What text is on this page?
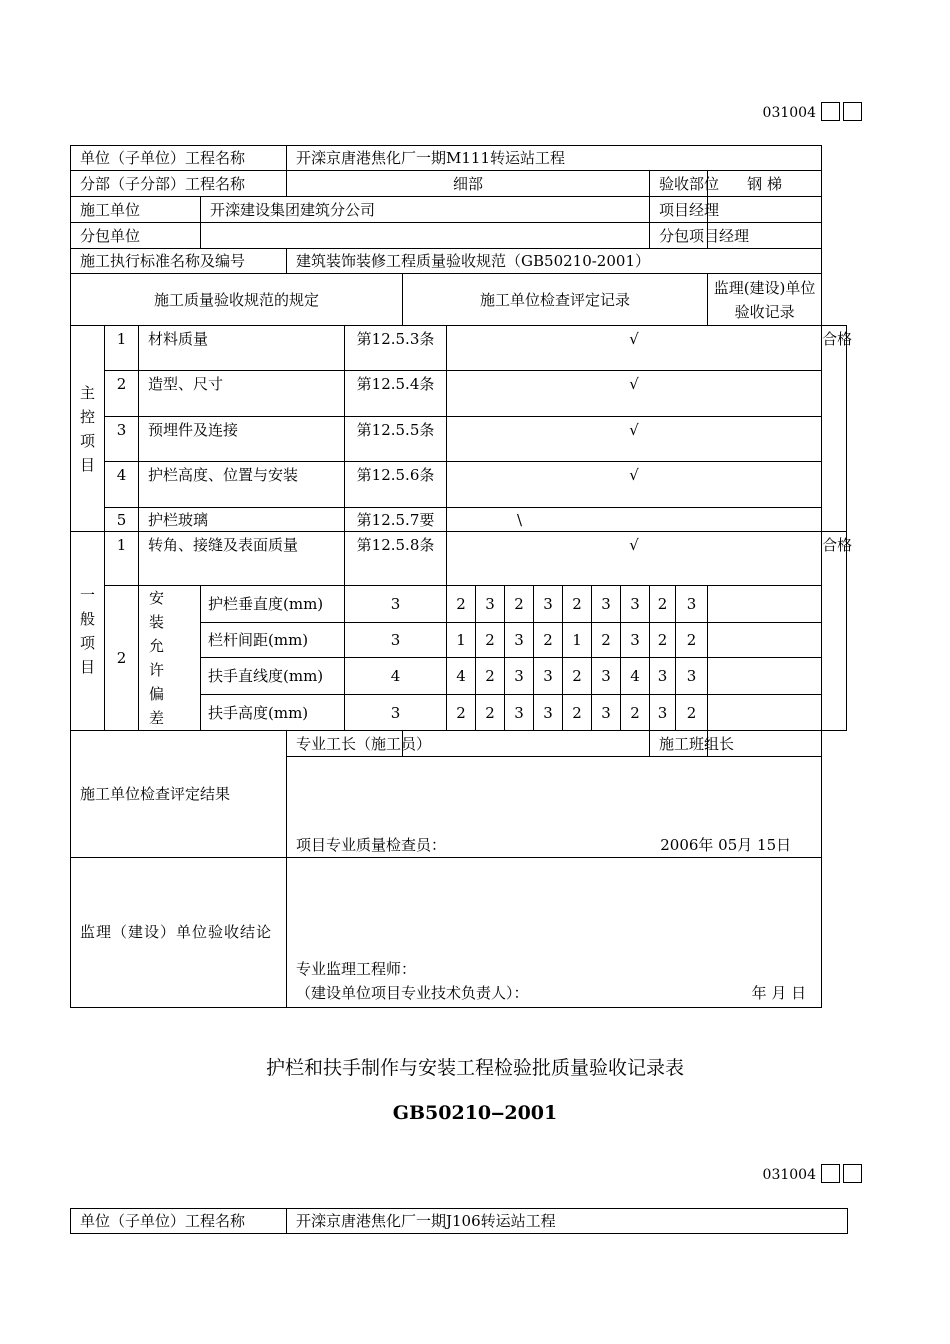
031004
单位（子单位）工程名称				开滦京唐港焦化厂一期M111转运站工程													
分部（子分部）工程名称				细部										验收部位		钢 梯	
施工单位			开滦建设集团建筑分公司											项目经理			
分包单位														分包项目经理			
施工执行标准名称及编号				建筑装饰装修工程质量验收规范（GB50210-2001）													
施工质量验收规范的规定						施工单位检查评定记录										监理(建设)单位验收记录	
主控项目	1	材料质量			第12.5.3条		√										合格
	2	造型、尺寸			第12.5.4条		√										
	3	预埋件及连接			第12.5.5条		√										
	4	护栏高度、位置与安装			第12.5.6条		√										
	5	护栏玻璃			第12.5.7要		\										
一般项目	1	转角、接缝及表面质量			第12.5.8条		√										合格
	2	安装允许偏差	护栏垂直度(mm)		3		2	3	2	3	2	3	3	2	3		
			栏杆间距(mm)		3		1	2	3	2	1	2	3	2	2		
			扶手直线度(mm)		4		4	2	3	3	2	3	4	3	3		
			扶手高度(mm)		3		2	2	3	3	2	3	2	3	2		
施工单位检查评定结果				专业工长（施工员）										施工班组长			

				项目专业质量检查员： 2006年 05月 15日													

监理（建设）单位验收结论				专业监理工程师：
（建设单位项目专业技术负责人）： 年 月 日													
护栏和扶手制作与安装工程检验批质量验收记录表
GB50210‒2001
031004
单位（子单位）工程名称	开滦京唐港焦化厂一期J106转运站工程
